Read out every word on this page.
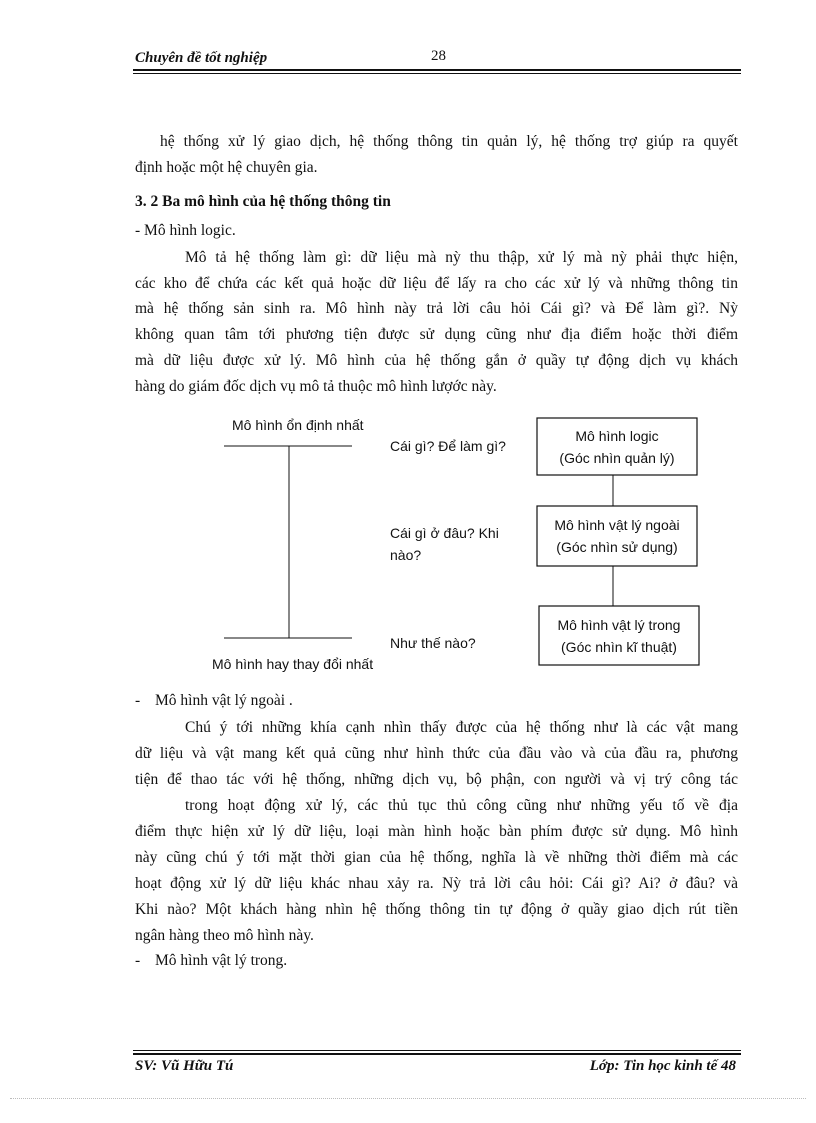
Chuyên đề tốt nghiệp	28
hệ thống xử lý giao dịch, hệ thống thông tin quản lý, hệ thống trợ giúp ra quyết
định hoặc một hệ chuyên gia.
3. 2 Ba mô hình của hệ thống thông tin
- Mô hình logic.
Mô tả hệ thống làm gì: dữ liệu mà nỳ thu thập, xử lý mà nỳ phải thực hiện,
các kho để chứa các kết quả hoặc dữ liệu để lấy ra cho các xử lý và những thông tin
mà hệ thống sản sinh ra. Mô hình này trả lời câu hỏi Cái gì? và Để làm gì?. Nỳ
không quan tâm tới phương tiện được sử dụng cũng như địa điểm hoặc thời điểm
mà dữ liệu được xử lý. Mô hình của hệ thống gắn ở quầy tự động dịch vụ khách
hàng do giám đốc dịch vụ mô tả thuộc mô hình lượớc này.
Mô hình ổn định nhất
Mô hình hay thay đổi nhất
Cái gì? Để làm gì?
Cái gì ở đâu? Khi
nào?
Như thế nào?
Mô hình logic
(Góc nhìn quản lý)
Mô hình vật lý ngoài
(Góc nhìn sử dụng)
Mô hình vật lý trong
(Góc nhìn kĩ thuật)
- Mô hình vật lý ngoài .
Chú ý tới những khía cạnh nhìn thấy được của hệ thống như là các vật mang
dữ liệu và vật mang kết quả cũng như hình thức của đầu vào và của đầu ra, phương
tiện để thao tác với hệ thống, những dịch vụ, bộ phận, con người và vị trý công tác
trong hoạt động xử lý, các thủ tục thủ công cũng như những yếu tố về địa
điểm thực hiện xử lý dữ liệu, loại màn hình hoặc bàn phím được sử dụng. Mô hình
này cũng chú ý tới mặt thời gian của hệ thống, nghĩa là về những thời điểm mà các
hoạt động xử lý dữ liệu khác nhau xảy ra. Nỳ trả lời câu hỏi: Cái gì? Ai? ở đâu? và
Khi nào? Một khách hàng nhìn hệ thống thông tin tự động ở quầy giao dịch rút tiền
ngân hàng theo mô hình này.
- Mô hình vật lý trong.
SV: Vũ Hữu Tú	Lớp: Tin học kinh tế 48
